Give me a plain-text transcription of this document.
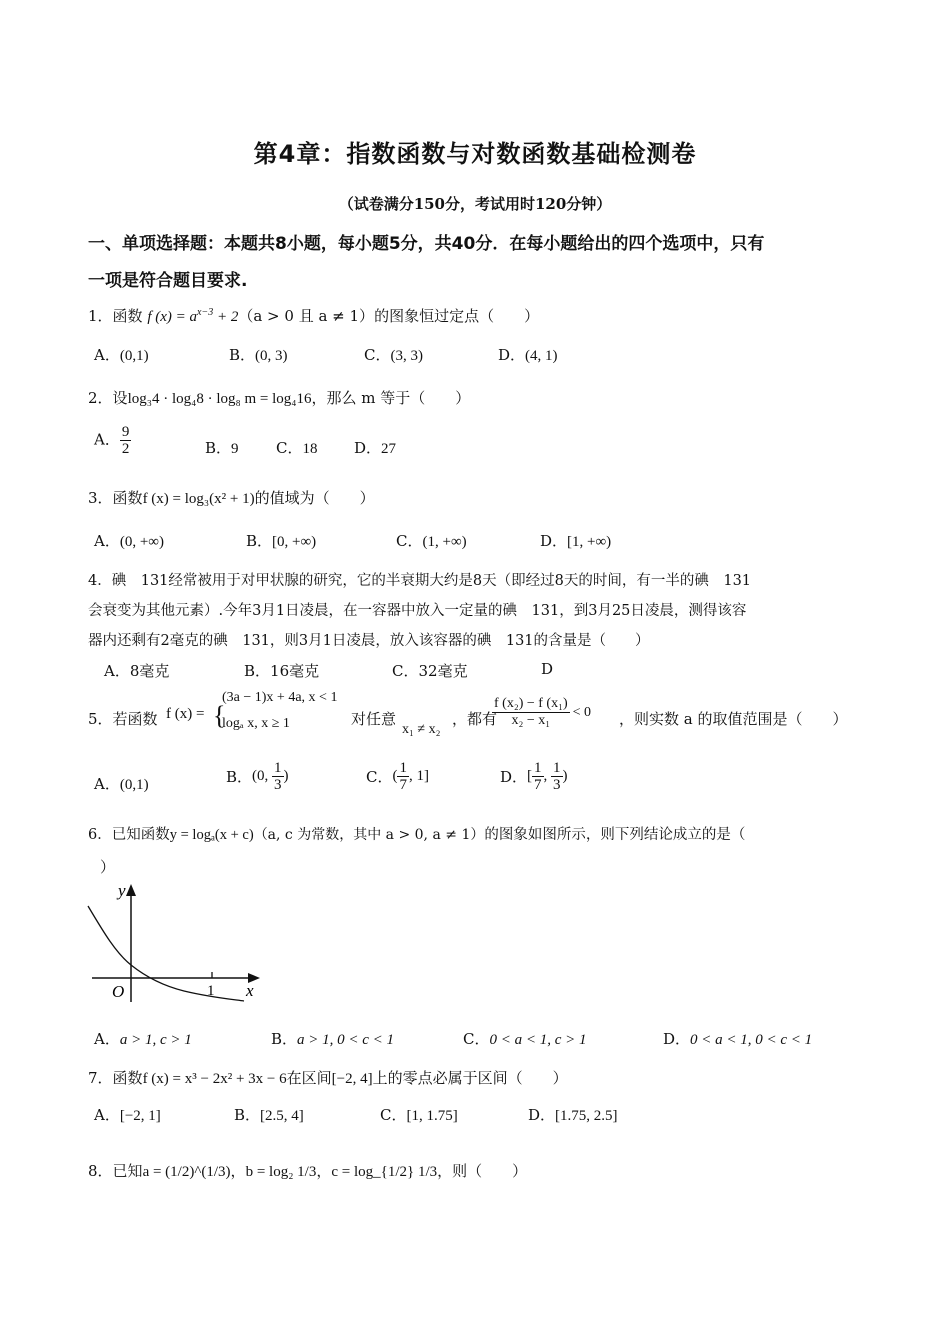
第4章：指数函数与对数函数基础检测卷
（试卷满分150分，考试用时120分钟）
一、单项选择题：本题共8小题，每小题5分，共40分．在每小题给出的四个选项中，只有
一项是符合题目要求.
1．函数 f $(x) = a^{x-3} + 2(a > 0$ 且 a ≠ 1）的图象恒过定点（　　）
A．(0,1)	B．(0, 3)	C．(3, 3)	D．(4, 1)
2．设log₃4 · log₄8 · log₈ m = log₄16，那么 m 等于（　　）
A． $\frac{9}{2}$	B．9 C．18 D．27
3．函数f (x) = log₃(x² + 1)的值域为（　　）
A．(0, +∞)	B．[0, +∞)	C．(1, +∞)	D．[1, +∞)
4．碘　131经常被用于对甲状腺的研究，它的半衰期大约是8天（即经过8天的时间，有一半的碘　131
会衰变为其他元素）.今年3月1日凌晨，在一容器中放入一定量的碘　131，到3月25日凌晨，测得该容
器内还剩有2毫克的碘　131，则3月1日凌晨，放入该容器的碘　131的含量是（　　）
A．8毫克	B．16毫克	C．32毫克	D
5．若函数 f (x) = {
(3a − 1)x + 4a, x < 1
logₐ x, x ≥ 1	对任意
x₁ ≠ x₂
，都有
$\frac{\text{f (x₂) − f (x₁)}}{\text{x₂ − x₁}} < 0$ ，则实数 a 的取值范围是（　　）
A．(0,1)	B．(0, $\frac{1}{3}$ )	C．( $\frac{1}{7}$ , 1]	D．[ $\frac{1}{7}$ , $\frac{1}{3}$ )
6．已知函数y = logₐ(x + c)（a, c 为常数，其中 a > 0, a ≠ 1）的图象如图所示，则下列结论成立的是（
）
y
x
O	1
A．a > 1, c > 1	B．a > 1, 0 < c < 1	C．0 < a < 1, c > 1	D．0 < a < 1, 0 < c < 1
7．函数f (x) = x³ − 2x² + 3x − 6在区间[−2, 4]上的零点必属于区间（　　）
A．[−2, 1]	B．[2.5, 4]	C．[1, 1.75]	D．[1.75, 2.5]
8．已知a = (1/2)^(1/3)，b = log₂ 1/3，c = log_{1/2} 1/3，则（　　）
